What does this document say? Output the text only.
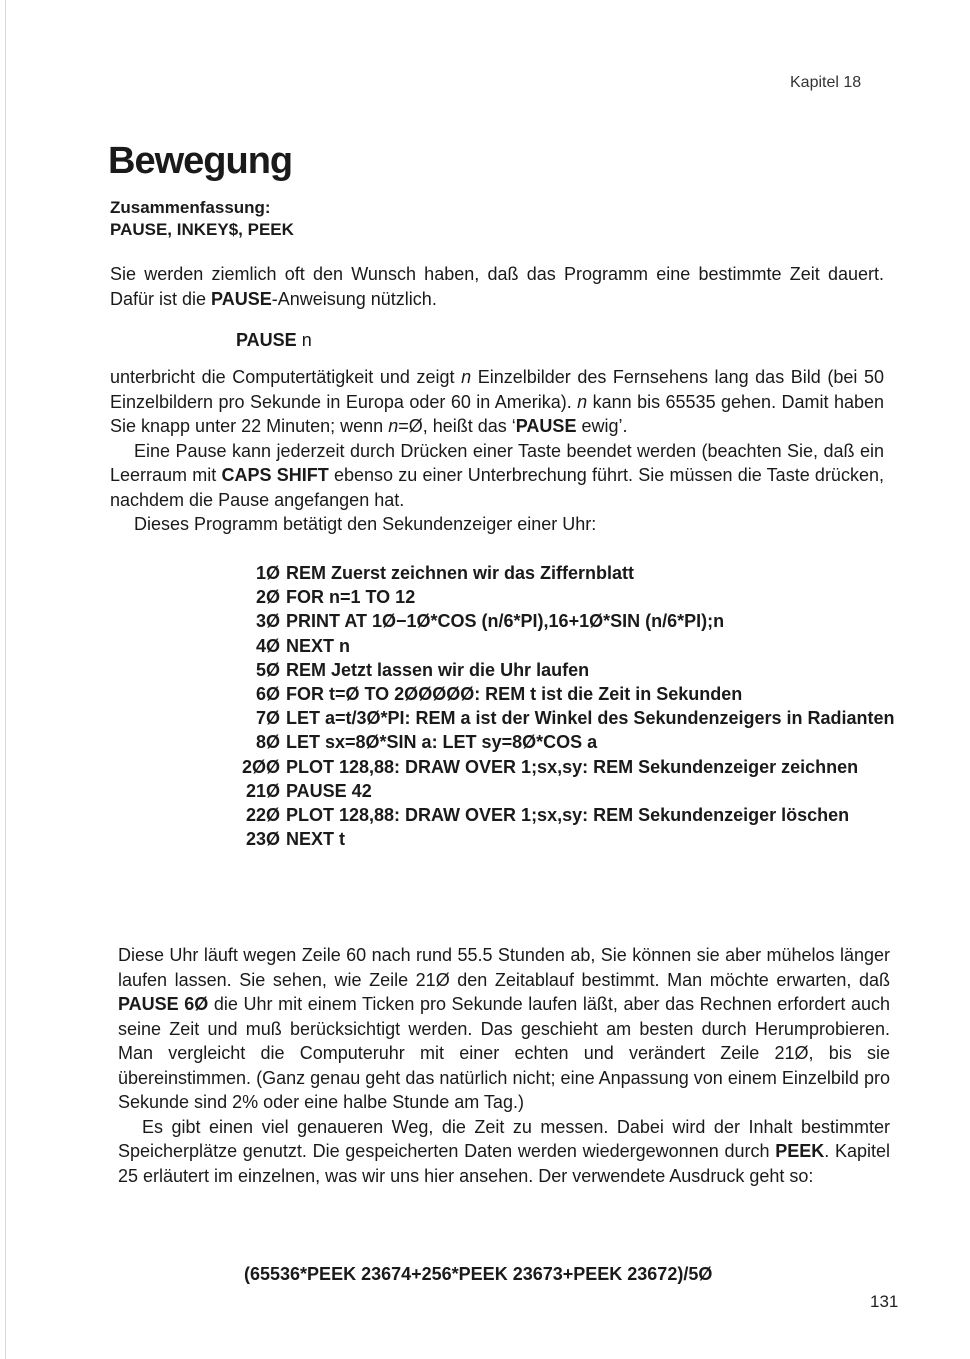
Kapitel 18
Bewegung
Zusammenfassung:
PAUSE, INKEY$, PEEK

Sie werden ziemlich oft den Wunsch haben, daß das Programm eine bestimmte Zeit dauert. Dafür ist die PAUSE-Anweisung nützlich.

PAUSE n

unterbricht die Computertätigkeit und zeigt n Einzelbilder des Fernsehens lang das Bild (bei 50 Einzelbildern pro Sekunde in Europa oder 60 in Amerika). n kann bis 65535 gehen. Damit haben Sie knapp unter 22 Minuten; wenn n=Ø, heißt das ‘PAUSE ewig’.

Eine Pause kann jederzeit durch Drücken einer Taste beendet werden (beachten Sie, daß ein Leerraum mit CAPS SHIFT ebenso zu einer Unterbrechung führt. Sie müssen die Taste drücken, nachdem die Pause angefangen hat.

Dieses Programm betätigt den Sekundenzeiger einer Uhr:

1Ø REM Zuerst zeichnen wir das Ziffernblatt
2Ø FOR n=1 TO 12
3Ø PRINT AT 1Ø−1Ø*COS (n/6*PI),16+1Ø*SIN (n/6*PI);n
4Ø NEXT n
5Ø REM Jetzt lassen wir die Uhr laufen
6Ø FOR t=Ø TO 2ØØØØØ: REM t ist die Zeit in Sekunden
7Ø LET a=t/3Ø*PI: REM a ist der Winkel des Sekundenzeigers in Radianten
8Ø LET sx=8Ø*SIN a: LET sy=8Ø*COS a
2ØØ PLOT 128,88: DRAW OVER 1;sx,sy: REM Sekundenzeiger zeichnen
21Ø PAUSE 42
22Ø PLOT 128,88: DRAW OVER 1;sx,sy: REM Sekundenzeiger löschen
23Ø NEXT t

Diese Uhr läuft wegen Zeile 60 nach rund 55.5 Stunden ab, Sie können sie aber mühelos länger laufen lassen. Sie sehen, wie Zeile 21Ø den Zeitablauf bestimmt. Man möchte erwarten, daß PAUSE 6Ø die Uhr mit einem Ticken pro Sekunde laufen läßt, aber das Rechnen erfordert auch seine Zeit und muß berücksichtigt werden. Das geschieht am besten durch Herumprobieren. Man vergleicht die Computeruhr mit einer echten und verändert Zeile 21Ø, bis sie übereinstimmen. (Ganz genau geht das natürlich nicht; eine Anpassung von einem Einzelbild pro Sekunde sind 2% oder eine halbe Stunde am Tag.)

Es gibt einen viel genaueren Weg, die Zeit zu messen. Dabei wird der Inhalt bestimmter Speicherplätze genutzt. Die gespeicherten Daten werden wiedergewonnen durch PEEK. Kapitel 25 erläutert im einzelnen, was wir uns hier ansehen. Der verwendete Ausdruck geht so:

(65536*PEEK 23674+256*PEEK 23673+PEEK 23672)/5Ø
131
